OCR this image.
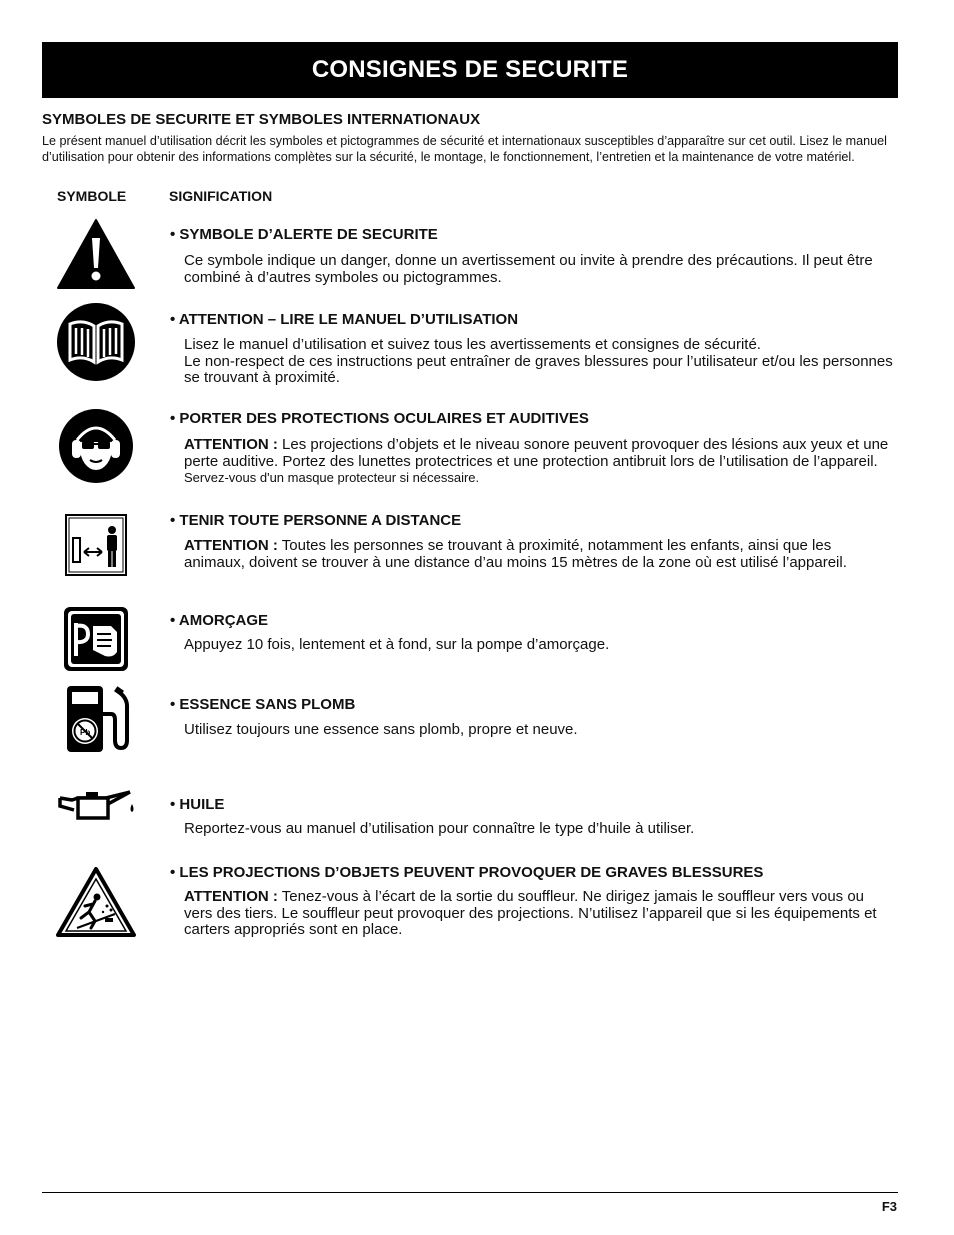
CONSIGNES DE SECURITE
SYMBOLES DE SECURITE ET SYMBOLES INTERNATIONAUX
Le présent manuel d’utilisation décrit les symboles et pictogrammes de sécurité et internationaux susceptibles d’apparaître sur cet outil. Lisez le manuel d’utilisation pour obtenir des informations complètes sur la sécurité, le montage, le fonctionnement, l’entretien et la maintenance de votre matériel.
SYMBOLE	SIGNIFICATION
• SYMBOLE D’ALERTE DE SECURITE
Ce symbole indique un danger, donne un avertissement ou invite à prendre des précautions. Il peut être combiné à d’autres symboles ou pictogrammes.
• ATTENTION – LIRE LE MANUEL D’UTILISATION
Lisez le manuel d’utilisation et suivez tous les avertissements et consignes de sécurité.
Le non-respect de ces instructions peut entraîner de graves blessures pour l’utilisateur et/ou les personnes se trouvant à proximité.
• PORTER DES PROTECTIONS OCULAIRES ET AUDITIVES
ATTENTION : Les projections d’objets et le niveau sonore peuvent provoquer des lésions aux yeux et une perte auditive. Portez des lunettes protectrices et une protection antibruit lors de l’utilisation de l’appareil. Servez-vous d'un masque protecteur si nécessaire.
• TENIR TOUTE PERSONNE A DISTANCE
ATTENTION : Toutes les personnes se trouvant à proximité, notamment les enfants, ainsi que les animaux, doivent se trouver à une distance d’au moins 15 mètres de la zone où est utilisé l’appareil.
• AMORÇAGE
Appuyez 10 fois, lentement et à fond, sur la pompe d’amorçage.
Pb
• ESSENCE SANS PLOMB
Utilisez toujours une essence sans plomb, propre et neuve.
• HUILE
Reportez-vous au manuel d’utilisation pour connaître le type d’huile à utiliser.
• LES PROJECTIONS D’OBJETS PEUVENT PROVOQUER DE GRAVES BLESSURES
ATTENTION : Tenez-vous à l’écart de la sortie du souffleur. Ne dirigez jamais le souffleur vers vous ou vers des tiers. Le souffleur peut provoquer des projections. N’utilisez l’appareil que si les équipements et carters appropriés sont en place.
F3
